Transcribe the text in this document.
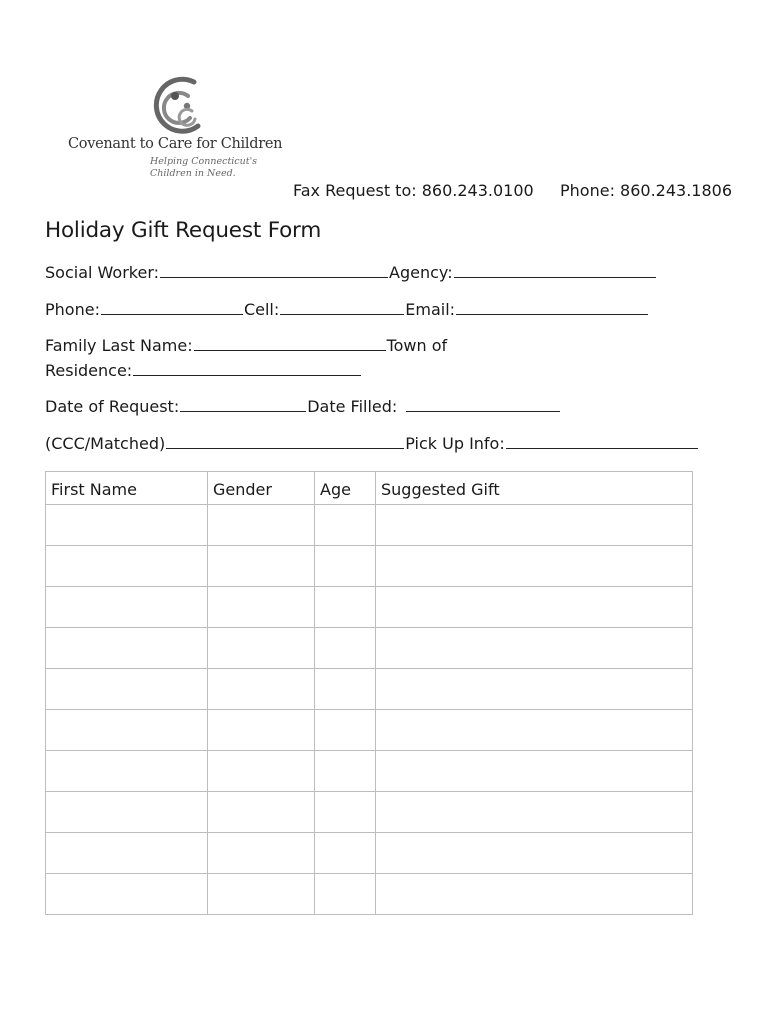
Covenant to Care for Children
Helping Connecticut's
Children in Need.
Fax Request to: 860.243.0100 Phone: 860.243.1806
Holiday Gift Request Form
Social Worker:	Agency:
Phone:	Cell:	Email:
Family Last Name:	Town of
Residence:
Date of Request:	Date Filled:
(CCC/Matched)	Pick Up Info:
First Name	Gender	Age	Suggested Gift
